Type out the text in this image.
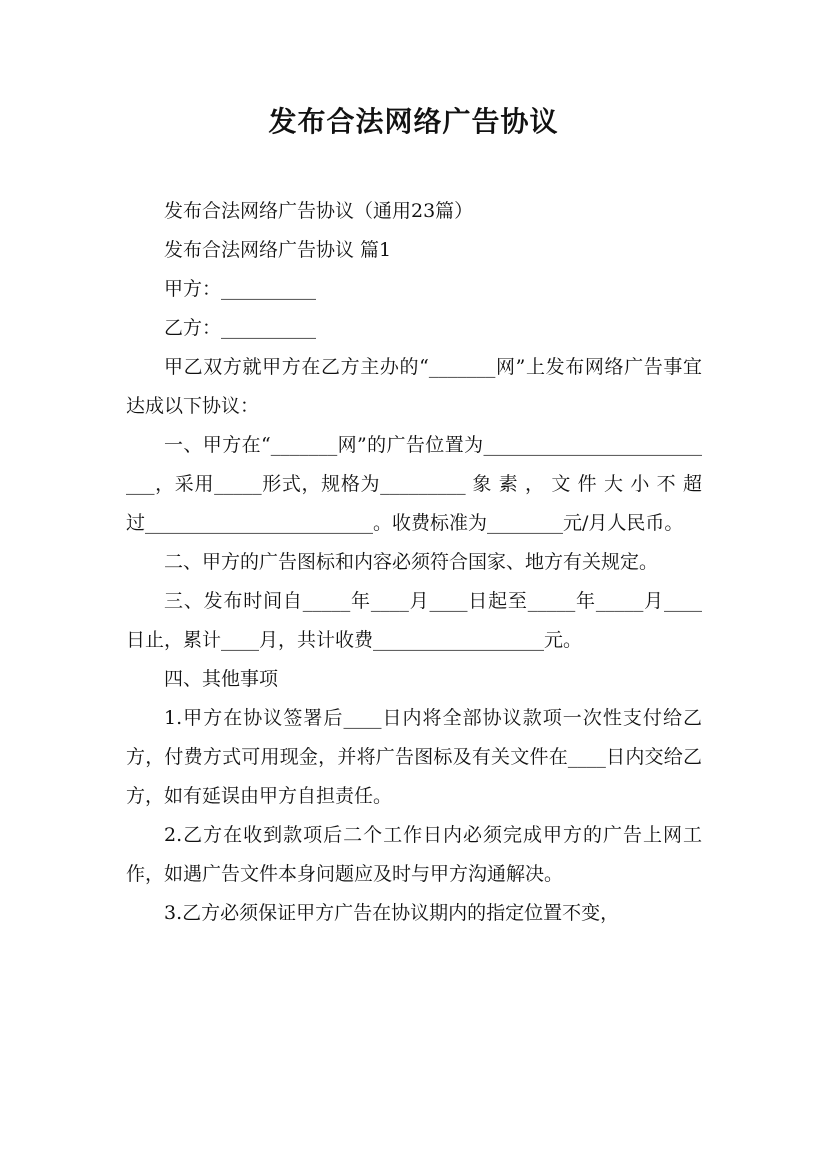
发布合法网络广告协议

发布合法网络广告协议（通用23篇）

发布合法网络广告协议 篇1

甲方：__________

乙方：__________

甲乙双方就甲方在乙方主办的“_______网”上发布网络广告事宜达成以下协议：

一、甲方在“_______网”的广告位置为__________________________，采用_____形式，规格为_________ 象 素 ， 文 件 大 小 不 超 过________________________。收费标准为________元/月人民币。

二、甲方的广告图标和内容必须符合国家、地方有关规定。

三、发布时间自_____年____月____日起至_____年_____月____日止，累计____月，共计收费__________________元。

四、其他事项

1.甲方在协议签署后____日内将全部协议款项一次性支付给乙方，付费方式可用现金，并将广告图标及有关文件在____日内交给乙方，如有延误由甲方自担责任。

2.乙方在收到款项后二个工作日内必须完成甲方的广告上网工作，如遇广告文件本身问题应及时与甲方沟通解决。

3.乙方必须保证甲方广告在协议期内的指定位置不变，
